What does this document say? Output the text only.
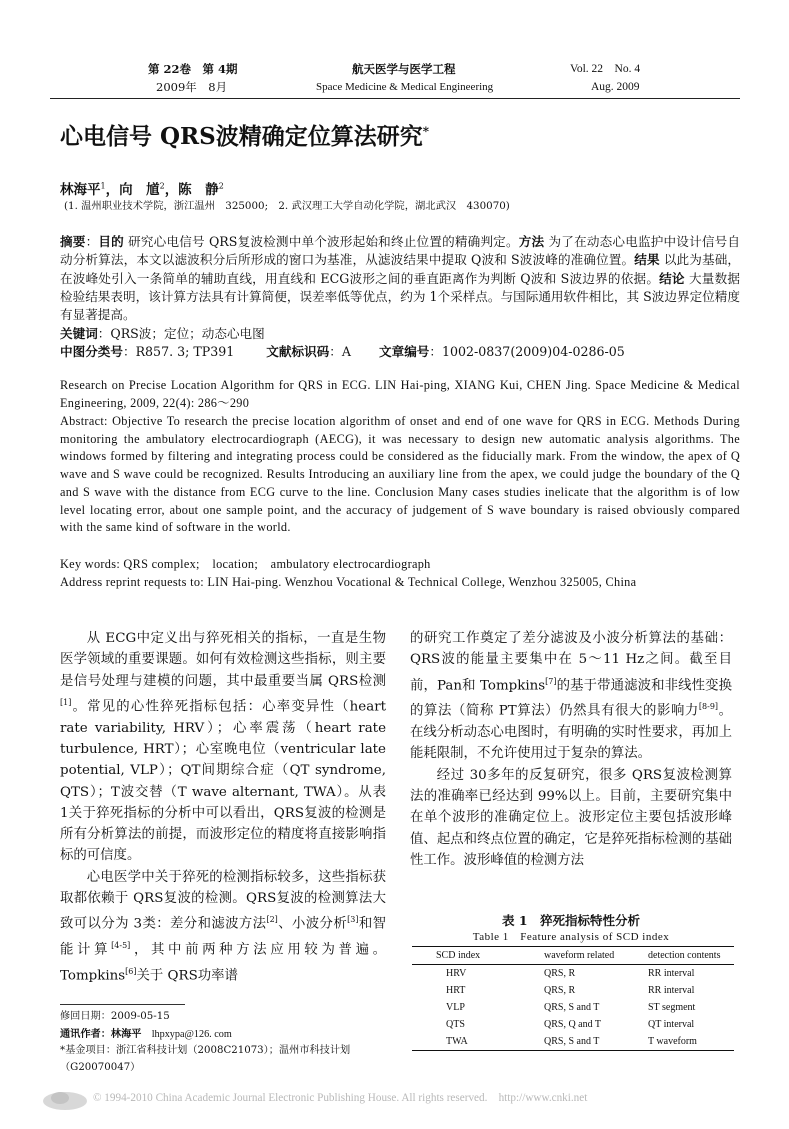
第 22卷　第 4期
2009年　8月
航天医学与医学工程
Space Medicine & Medical Engineering
Vol. 22　No. 4
Aug. 2009
心电信号 QRS波精确定位算法研究*
林海平$^1$，向　馗$^2$，陈　静$^2$
(1. 温州职业技术学院，浙江温州　325000;　2. 武汉理工大学自动化学院，湖北武汉　430070)
摘要：目的 研究心电信号 QRS复波检测中单个波形起始和终止位置的精确判定。方法 为了在动态心电监护中设计信号自动分析算法，本文以滤波积分后所形成的窗口为基准，从滤波结果中提取 Q波和 S波波峰的准确位置。结果 以此为基础，在波峰处引入一条简单的辅助直线，用直线和 ECG波形之间的垂直距离作为判断 Q波和 S波边界的依据。结论 大量数据检验结果表明，该计算方法具有计算简便，误差率低等优点，约为 1个采样点。与国际通用软件相比，其 S波边界定位精度有显著提高。
关键词：QRS波；定位；动态心电图
中图分类号：R857. 3; TP391	文献标识码：A 文章编号：1002-0837(2009)04-0286-05
Research on Precise Location Algorithm for QRS in ECG. LIN Hai-ping, XIANG Kui, CHEN Jing. Space Medicine & Medical Engineering, 2009, 22(4): 286～290
Abstract: Objective To research the precise location algorithm of onset and end of one wave for QRS in ECG. Methods During monitoring the ambulatory electrocardiograph (AECG), it was necessary to design new automatic analysis algorithms. The windows formed by filtering and integrating process could be considered as the fiducially mark. From the window, the apex of Q wave and S wave could be recognized. Results Introducing an auxiliary line from the apex, we could judge the boundary of the Q and S wave with the distance from ECG curve to the line. Conclusion Many cases studies inelicate that the algorithm is of low level locating error, about one sample point, and the accuracy of judgement of S wave boundary is raised obviously compared with the same kind of software in the world.
Key words: QRS complex;　location;　ambulatory electrocardiograph
Address reprint requests to: LIN Hai-ping. Wenzhou Vocational & Technical College, Wenzhou 325005, China

从 ECG中定义出与猝死相关的指标，一直是生物医学领域的重要课题。如何有效检测这些指标，则主要是信号处理与建模的问题，其中最重要当属 QRS检测[1]。常见的心性猝死指标包括：心率变异性（heart rate variability, HRV）；心率震荡（heart rate turbulence, HRT）；心室晚电位（ventricular late potential, VLP）；QT间期综合症（QT syndrome, QTS）；T波交替（T wave alternant, TWA）。从表 1关于猝死指标的分析中可以看出，QRS复波的检测是所有分析算法的前提，而波形定位的精度将直接影响指标的可信度。

心电医学中关于猝死的检测指标较多，这些指标获取都依赖于 QRS复波的检测。QRS复波的检测算法大致可以分为 3类：差分和滤波方法[2]、小波分析[3]和智能计算[4-5]，其中前两种方法应用较为普遍。Tompkins[6]关于 QRS功率谱

的研究工作奠定了差分滤波及小波分析算法的基础：QRS波的能量主要集中在 5～11 Hz之间。截至目前，Pan和 Tompkins[7]的基于带通滤波和非线性变换的算法（简称 PT算法）仍然具有很大的影响力[8-9]。在线分析动态心电图时，有明确的实时性要求，再加上能耗限制，不允许使用过于复杂的算法。

经过 30多年的反复研究，很多 QRS复波检测算法的准确率已经达到 99%以上。目前，主要研究集中在单个波形的准确定位上。波形定位主要包括波形峰值、起点和终点位置的确定，它是猝死指标检测的基础性工作。波形峰值的检测方法

表 1　猝死指标特性分析
Table 1　Feature analysis of SCD index
SCD index	waveform related	detection contents
HRV	QRS, R	RR interval
HRT	QRS, R	RR interval
VLP	QRS, S and T	ST segment
QTS	QRS, Q and T	QT interval
TWA	QRS, S and T	T waveform
修回日期：2009-05-15
通讯作者：林海平　lhpxypa@126. com
*基金项目：浙江省科技计划（2008C21073）；温州市科技计划（G20070047）
© 1994-2010 China Academic Journal Electronic Publishing House. All rights reserved.　http://www.cnki.net
